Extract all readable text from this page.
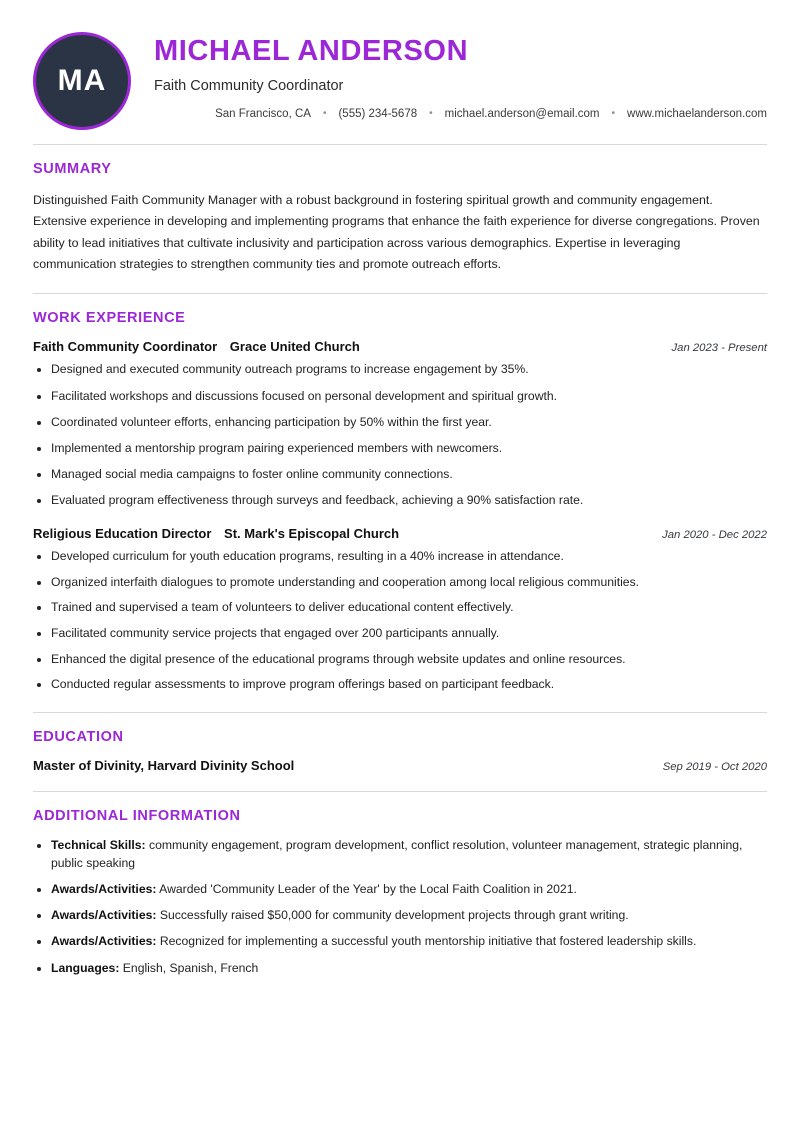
MA
MICHAEL ANDERSON
Faith Community Coordinator
San Francisco, CA	•	(555) 234-5678	•	michael.anderson@email.com	•	www.michaelanderson.com
SUMMARY

Distinguished Faith Community Manager with a robust background in fostering spiritual growth and community engagement. Extensive experience in developing and implementing programs that enhance the faith experience for diverse congregations. Proven ability to lead initiatives that cultivate inclusivity and participation across various demographics. Expertise in leveraging communication strategies to strengthen community ties and promote outreach efforts.

WORK EXPERIENCE
Faith Community Coordinator Grace United Church	Jan 2023 - Present
Designed and executed community outreach programs to increase engagement by 35%.
Facilitated workshops and discussions focused on personal development and spiritual growth.
Coordinated volunteer efforts, enhancing participation by 50% within the first year.
Implemented a mentorship program pairing experienced members with newcomers.
Managed social media campaigns to foster online community connections.
Evaluated program effectiveness through surveys and feedback, achieving a 90% satisfaction rate.
Religious Education Director St. Mark's Episcopal Church	Jan 2020 - Dec 2022
Developed curriculum for youth education programs, resulting in a 40% increase in attendance.
Organized interfaith dialogues to promote understanding and cooperation among local religious communities.
Trained and supervised a team of volunteers to deliver educational content effectively.
Facilitated community service projects that engaged over 200 participants annually.
Enhanced the digital presence of the educational programs through website updates and online resources.
Conducted regular assessments to improve program offerings based on participant feedback.
EDUCATION
Master of Divinity, Harvard Divinity School	Sep 2019 - Oct 2020
ADDITIONAL INFORMATION
Technical Skills: community engagement, program development, conflict resolution, volunteer management, strategic planning, public speaking
Awards/Activities: Awarded 'Community Leader of the Year' by the Local Faith Coalition in 2021.
Awards/Activities: Successfully raised $50,000 for community development projects through grant writing.
Awards/Activities: Recognized for implementing a successful youth mentorship initiative that fostered leadership skills.
Languages: English, Spanish, French
